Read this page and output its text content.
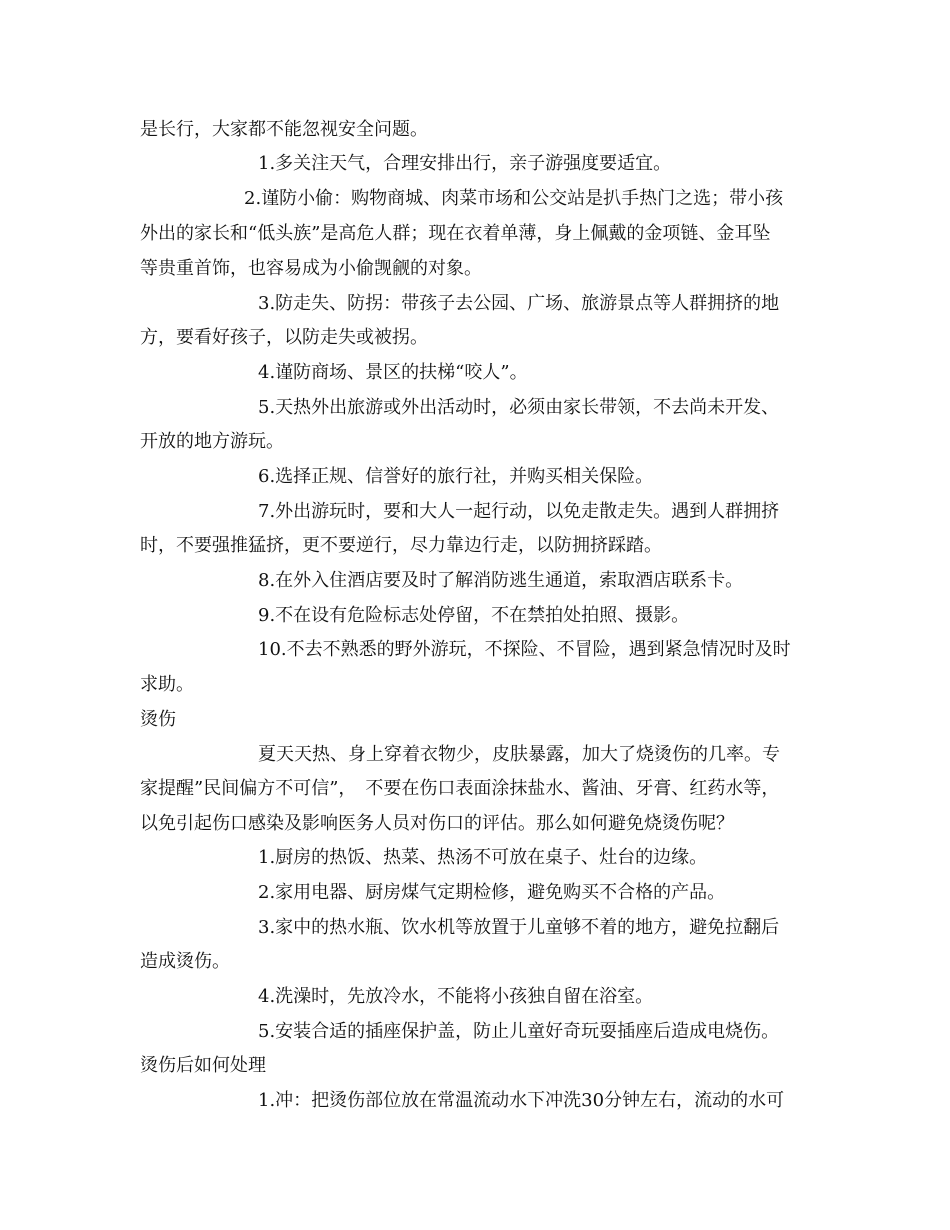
是长行，大家都不能忽视安全问题。

1.多关注天气，合理安排出行，亲子游强度要适宜。

2.谨防小偷：购物商城、肉菜市场和公交站是扒手热门之选；带小孩

外出的家长和“低头族”是高危人群；现在衣着单薄，身上佩戴的金项链、金耳坠

等贵重首饰，也容易成为小偷觊觎的对象。

3.防走失、防拐：带孩子去公园、广场、旅游景点等人群拥挤的地

方，要看好孩子，以防走失或被拐。

4.谨防商场、景区的扶梯“咬人”。

5.天热外出旅游或外出活动时，必须由家长带领，不去尚未开发、

开放的地方游玩。

6.选择正规、信誉好的旅行社，并购买相关保险。

7.外出游玩时，要和大人一起行动，以免走散走失。遇到人群拥挤

时，不要强推猛挤，更不要逆行，尽力靠边行走，以防拥挤踩踏。

8.在外入住酒店要及时了解消防逃生通道，索取酒店联系卡。

9.不在设有危险标志处停留，不在禁拍处拍照、摄影。

10.不去不熟悉的野外游玩，不探险、不冒险，遇到紧急情况时及时

求助。

烫伤

夏天天热、身上穿着衣物少，皮肤暴露，加大了烧烫伤的几率。专

家提醒”民间偏方不可信”，　不要在伤口表面涂抹盐水、酱油、牙膏、红药水等，

以免引起伤口感染及影响医务人员对伤口的评估。那么如何避免烧烫伤呢？

1.厨房的热饭、热菜、热汤不可放在桌子、灶台的边缘。

2.家用电器、厨房煤气定期检修，避免购买不合格的产品。

3.家中的热水瓶、饮水机等放置于儿童够不着的地方，避免拉翻后

造成烫伤。

4.洗澡时，先放冷水，不能将小孩独自留在浴室。

5.安装合适的插座保护盖，防止儿童好奇玩耍插座后造成电烧伤。

烫伤后如何处理

1.冲：把烫伤部位放在常温流动水下冲洗30分钟左右，流动的水可
